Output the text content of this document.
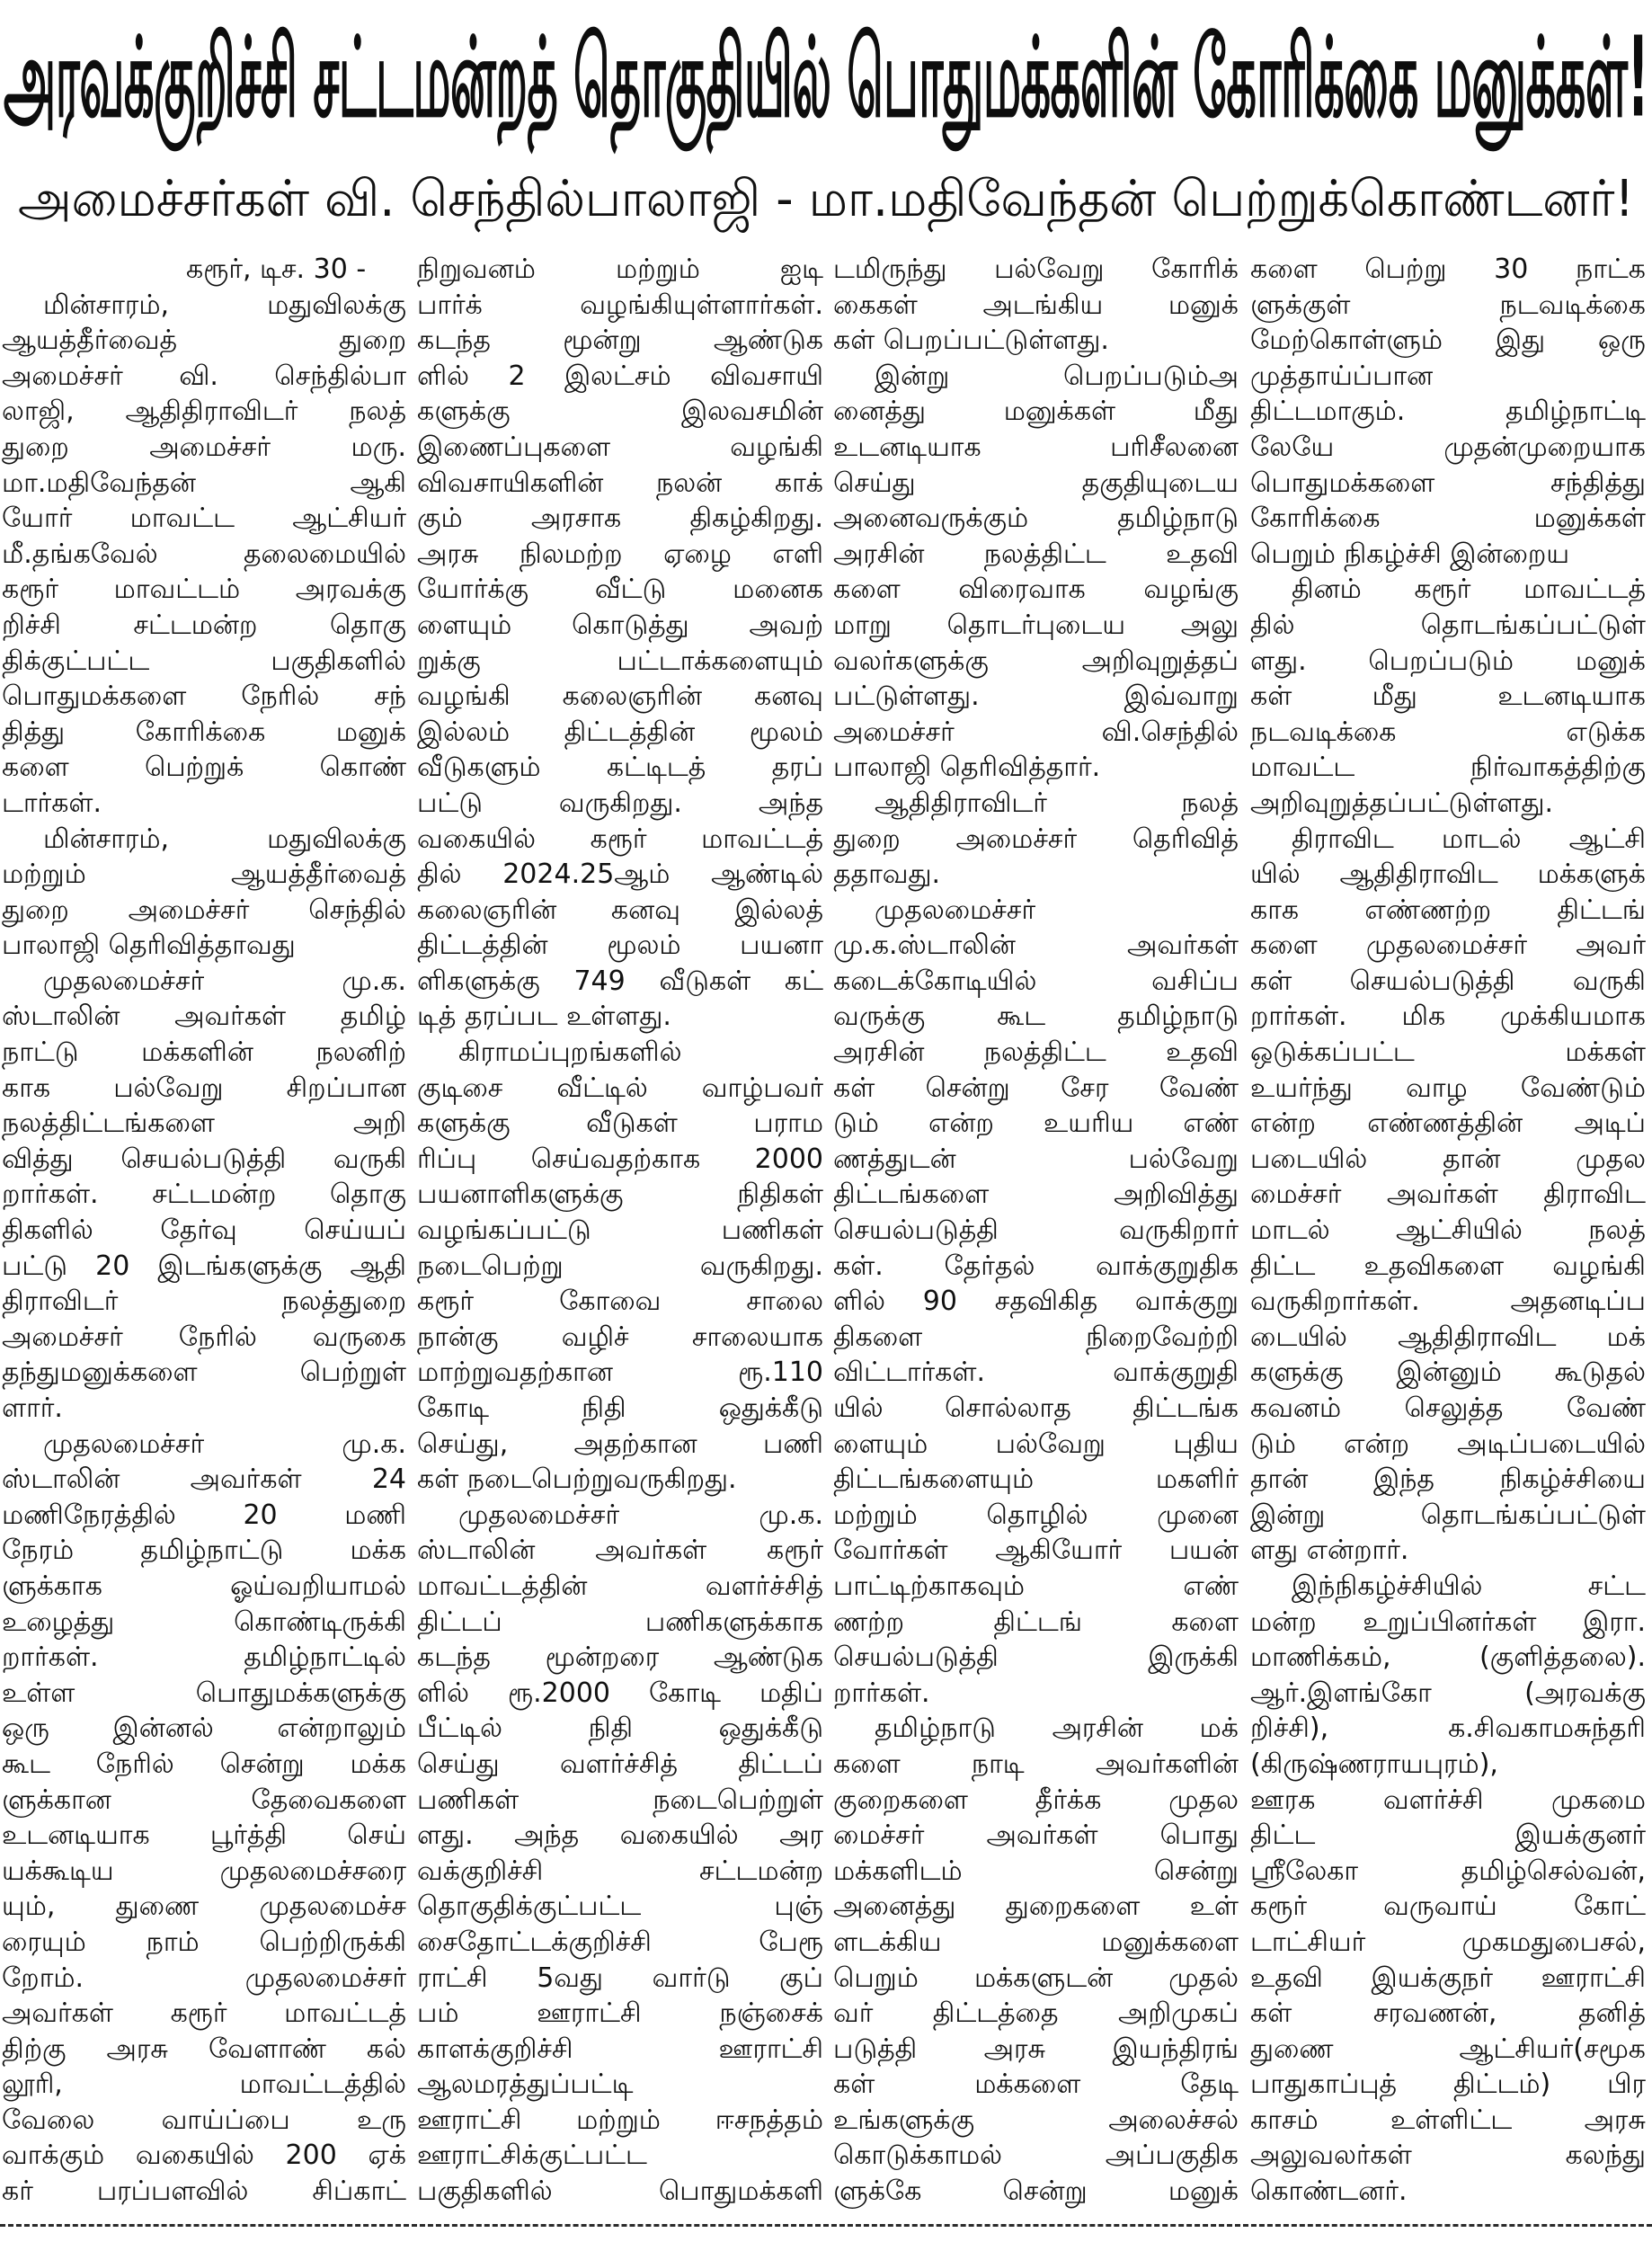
அரவக்குறிச்சி சட்டமன்றத் தொகுதியில் பொதுமக்களின் கோரிக்கை மனுக்கள்!
அமைச்சர்கள் வி. செந்தில்பாலாஜி - மா.மதிவேந்தன் பெற்றுக்கொண்டனர்!
கரூர், டிச. 30 -
மின்சாரம், மதுவிலக்கு
ஆயத்தீர்வைத் துறை
அமைச்சர் வி. செந்தில்பா
லாஜி, ஆதிதிராவிடர் நலத்
துறை அமைச்சர் மரு.
மா.மதிவேந்தன் ஆகி
யோர் மாவட்ட ஆட்சியர்
மீ.தங்கவேல் தலைமையில்
கரூர் மாவட்டம் அரவக்கு
றிச்சி சட்டமன்ற தொகு
திக்குட்பட்ட பகுதிகளில்
பொதுமக்களை நேரில் சந்
தித்து கோரிக்கை மனுக்
களை பெற்றுக் கொண்
டார்கள்.
மின்சாரம், மதுவிலக்கு
மற்றும் ஆயத்தீர்வைத்
துறை அமைச்சர் செந்தில்
பாலாஜி தெரிவித்தாவது
முதலமைச்சர் மு.க.
ஸ்டாலின் அவர்கள் தமிழ்
நாட்டு மக்களின் நலனிற்
காக பல்வேறு சிறப்பான
நலத்திட்டங்களை அறி
வித்து செயல்படுத்தி வருகி
றார்கள். சட்டமன்ற தொகு
திகளில் தேர்வு செய்யப்
பட்டு 20 இடங்களுக்கு ஆதி
திராவிடர் நலத்துறை
அமைச்சர் நேரில் வருகை
தந்துமனுக்களை பெற்றுள்
ளார்.
முதலமைச்சர் மு.க.
ஸ்டாலின் அவர்கள் 24
மணிநேரத்தில் 20 மணி
நேரம் தமிழ்நாட்டு மக்க
ளுக்காக ஓய்வறியாமல்
உழைத்து கொண்டிருக்கி
றார்கள். தமிழ்நாட்டில்
உள்ள பொதுமக்களுக்கு
ஒரு இன்னல் என்றாலும்
கூட நேரில் சென்று மக்க
ளுக்கான தேவைகளை
உடனடியாக பூர்த்தி செய்
யக்கூடிய முதலமைச்சரை
யும், துணை முதலமைச்ச
ரையும் நாம் பெற்றிருக்கி
றோம். முதலமைச்சர்
அவர்கள் கரூர் மாவட்டத்
திற்கு அரசு வேளாண் கல்
லூரி, மாவட்டத்தில்
வேலை வாய்ப்பை உரு
வாக்கும் வகையில் 200 ஏக்
கர் பரப்பளவில் சிப்காட்
நிறுவனம் மற்றும் ஐடி
பார்க் வழங்கியுள்ளார்கள்.
கடந்த மூன்று ஆண்டுக
ளில் 2 இலட்சம் விவசாயி
களுக்கு இலவசமின்
இணைப்புகளை வழங்கி
விவசாயிகளின் நலன் காக்
கும் அரசாக திகழ்கிறது.
அரசு நிலமற்ற ஏழை எளி
யோர்க்கு வீட்டு மனைக
ளையும் கொடுத்து அவற்
றுக்கு பட்டாக்களையும்
வழங்கி கலைஞரின் கனவு
இல்லம் திட்டத்தின் மூலம்
வீடுகளும் கட்டிடத் தரப்
பட்டு வருகிறது. அந்த
வகையில் கரூர் மாவட்டத்
தில் 2024.25ஆம் ஆண்டில்
கலைஞரின் கனவு இல்லத்
திட்டத்தின் மூலம் பயனா
ளிகளுக்கு 749 வீடுகள் கட்
டித் தரப்பட உள்ளது.
கிராமப்புறங்களில்
குடிசை வீட்டில் வாழ்பவர்
களுக்கு வீடுகள் பராம
ரிப்பு செய்வதற்காக 2000
பயனாளிகளுக்கு நிதிகள்
வழங்கப்பட்டு பணிகள்
நடைபெற்று வருகிறது.
கரூர் கோவை சாலை
நான்கு வழிச் சாலையாக
மாற்றுவதற்கான ரூ.110
கோடி நிதி ஒதுக்கீடு
செய்து, அதற்கான பணி
கள் நடைபெற்றுவருகிறது.
முதலமைச்சர் மு.க.
ஸ்டாலின் அவர்கள் கரூர்
மாவட்டத்தின் வளர்ச்சித்
திட்டப் பணிகளுக்காக
கடந்த மூன்றரை ஆண்டுக
ளில் ரூ.2000 கோடி மதிப்
பீட்டில் நிதி ஒதுக்கீடு
செய்து வளர்ச்சித் திட்டப்
பணிகள் நடைபெற்றுள்
ளது. அந்த வகையில் அர
வக்குறிச்சி சட்டமன்ற
தொகுதிக்குட்பட்ட புஞ்
சைதோட்டக்குறிச்சி பேரூ
ராட்சி 5வது வார்டு குப்
பம் ஊராட்சி நஞ்சைக்
காளக்குறிச்சி ஊராட்சி
ஆலமரத்துப்பட்டி
ஊராட்சி மற்றும் ஈசநத்தம்
ஊராட்சிக்குட்பட்ட
பகுதிகளில் பொதுமக்களி
டமிருந்து பல்வேறு கோரிக்
கைகள் அடங்கிய மனுக்
கள் பெறப்பட்டுள்ளது.
இன்று பெறப்படும்அ
னைத்து மனுக்கள் மீது
உடனடியாக பரிசீலனை
செய்து தகுதியுடைய
அனைவருக்கும் தமிழ்நாடு
அரசின் நலத்திட்ட உதவி
களை விரைவாக வழங்கு
மாறு தொடர்புடைய அலு
வலர்களுக்கு அறிவுறுத்தப்
பட்டுள்ளது. இவ்வாறு
அமைச்சர் வி.செந்தில்
பாலாஜி தெரிவித்தார்.
ஆதிதிராவிடர் நலத்
துறை அமைச்சர் தெரிவித்
ததாவது.
முதலமைச்சர்
மு.க.ஸ்டாலின் அவர்கள்
கடைக்கோடியில் வசிப்ப
வருக்கு கூட தமிழ்நாடு
அரசின் நலத்திட்ட உதவி
கள் சென்று சேர வேண்
டும் என்ற உயரிய எண்
ணத்துடன் பல்வேறு
திட்டங்களை அறிவித்து
செயல்படுத்தி வருகிறார்
கள். தேர்தல் வாக்குறுதிக
ளில் 90 சதவிகித வாக்குறு
திகளை நிறைவேற்றி
விட்டார்கள். வாக்குறுதி
யில் சொல்லாத திட்டங்க
ளையும் பல்வேறு புதிய
திட்டங்களையும் மகளிர்
மற்றும் தொழில் முனை
வோர்கள் ஆகியோர் பயன்
பாட்டிற்காகவும் எண்
ணற்ற திட்டங் களை
செயல்படுத்தி இருக்கி
றார்கள்.
தமிழ்நாடு அரசின் மக்
களை நாடி அவர்களின்
குறைகளை தீர்க்க முதல
மைச்சர் அவர்கள் பொது
மக்களிடம் சென்று
அனைத்து துறைகளை உள்
ளடக்கிய மனுக்களை
பெறும் மக்களுடன் முதல்
வர் திட்டத்தை அறிமுகப்
படுத்தி அரசு இயந்திரங்
கள் மக்களை தேடி
உங்களுக்கு அலைச்சல்
கொடுக்காமல் அப்பகுதிக
ளுக்கே சென்று மனுக்
களை பெற்று 30 நாட்க
ளுக்குள் நடவடிக்கை
மேற்கொள்ளும் இது ஒரு
முத்தாய்ப்பான
திட்டமாகும். தமிழ்நாட்டி
லேயே முதன்முறையாக
பொதுமக்களை சந்தித்து
கோரிக்கை மனுக்கள்
பெறும் நிகழ்ச்சி இன்றைய
தினம் கரூர் மாவட்டத்
தில் தொடங்கப்பட்டுள்
ளது. பெறப்படும் மனுக்
கள் மீது உடனடியாக
நடவடிக்கை எடுக்க
மாவட்ட நிர்வாகத்திற்கு
அறிவுறுத்தப்பட்டுள்ளது.
திராவிட மாடல் ஆட்சி
யில் ஆதிதிராவிட மக்களுக்
காக எண்ணற்ற திட்டங்
களை முதலமைச்சர் அவர்
கள் செயல்படுத்தி வருகி
றார்கள். மிக முக்கியமாக
ஒடுக்கப்பட்ட மக்கள்
உயர்ந்து வாழ வேண்டும்
என்ற எண்ணத்தின் அடிப்
படையில் தான் முதல
மைச்சர் அவர்கள் திராவிட
மாடல் ஆட்சியில் நலத்
திட்ட உதவிகளை வழங்கி
வருகிறார்கள். அதனடிப்ப
டையில் ஆதிதிராவிட மக்
களுக்கு இன்னும் கூடுதல்
கவனம் செலுத்த வேண்
டும் என்ற அடிப்படையில்
தான் இந்த நிகழ்ச்சியை
இன்று தொடங்கப்பட்டுள்
ளது என்றார்.
இந்நிகழ்ச்சியில் சட்ட
மன்ற உறுப்பினர்கள் இரா.
மாணிக்கம், (குளித்தலை).
ஆர்.இளங்கோ (அரவக்கு
றிச்சி), க.சிவகாமசுந்தரி
(கிருஷ்ணராயபுரம்),
ஊரக வளர்ச்சி முகமை
திட்ட இயக்குனர்
ஸ்ரீலேகா தமிழ்செல்வன்,
கரூர் வருவாய் கோட்
டாட்சியர் முகமதுபைசல்,
உதவி இயக்குநர் ஊராட்சி
கள் சரவணன், தனித்
துணை ஆட்சியர்(சமூக
பாதுகாப்புத் திட்டம்) பிர
காசம் உள்ளிட்ட அரசு
அலுவலர்கள் கலந்து
கொண்டனர்.
